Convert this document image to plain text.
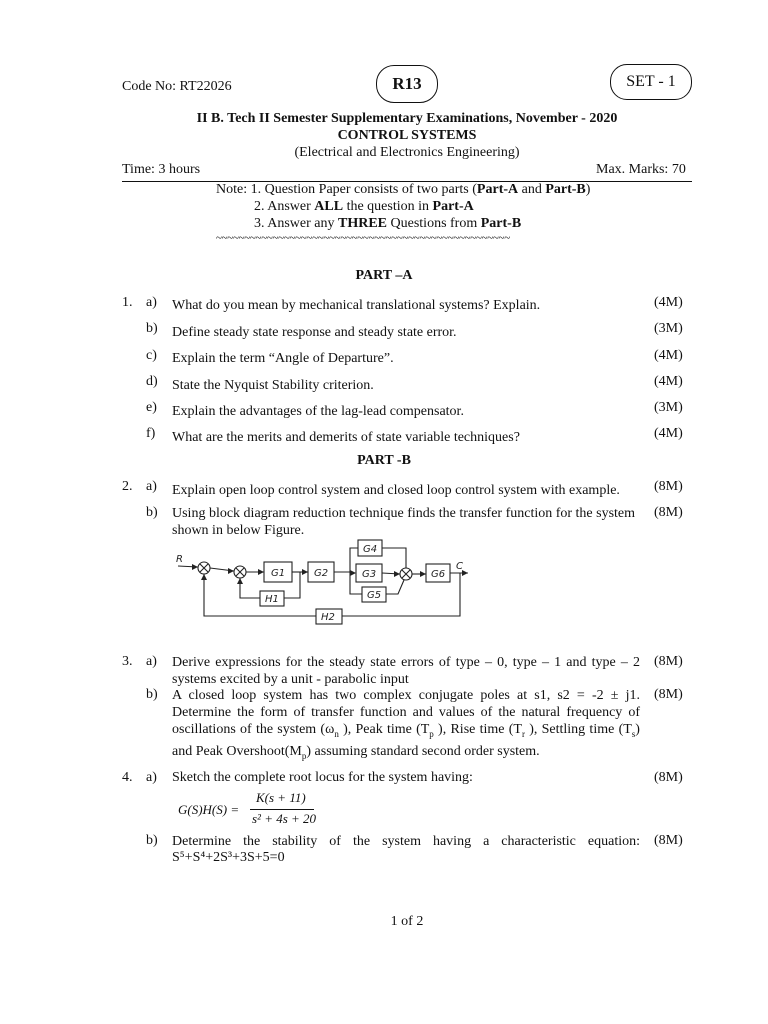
Code No: RT22026	R13	SET - 1
II B. Tech II Semester Supplementary Examinations, November - 2020
CONTROL SYSTEMS
(Electrical and Electronics Engineering)
Time: 3 hours	Max. Marks: 70
Note: 1. Question Paper consists of two parts (Part-A and Part-B)
2. Answer ALL the question in Part-A
3. Answer any THREE Questions from Part-B
~~~~~~~~~~~~~~~~~~~~~~~~~~~~~~~~~~~~~~~~~~~~~~~~~~~~
PART –A
1. a) What do you mean by mechanical translational systems? Explain.	(4M)
b) Define steady state response and steady state error.	(3M)
c) Explain the term “Angle of Departure”.	(4M)
d) State the Nyquist Stability criterion.	(4M)
e) Explain the advantages of the lag-lead compensator.	(3M)
f) What are the merits and demerits of state variable techniques?	(4M)
PART -B
2. a) Explain open loop control system and closed loop control system with example.	(8M)
b) Using block diagram reduction technique finds the transfer function for the system shown in below Figure.
(8M)
R
C
G1	G2	G3
G4
G5
G6
H1
H2
3. a) Derive expressions for the steady state errors of type – 0, type – 1 and type – 2 systems excited by a unit - parabolic input
(8M)
b) A closed loop system has two complex conjugate poles at s1, s2 = -2 ± j1. Determine the form of transfer function and values of the natural frequency of oscillations of the system ($\omega_n$ ), Peak time ($T_p$ ), Rise time ($T_r$ ), Settling time $(T_s)$ and Peak $Overshoot(M_p)$ assuming standard second order system.
(8M)
4. a) Sketch the complete root locus for the system having:	(8M)
G(S)H(S) =
K(s + 11)
s² + 4s + 20
b) Determine the stability of the system having a characteristic equation:
S⁵+S⁴+2S³+3S+5=0
(8M)
1 of 2
